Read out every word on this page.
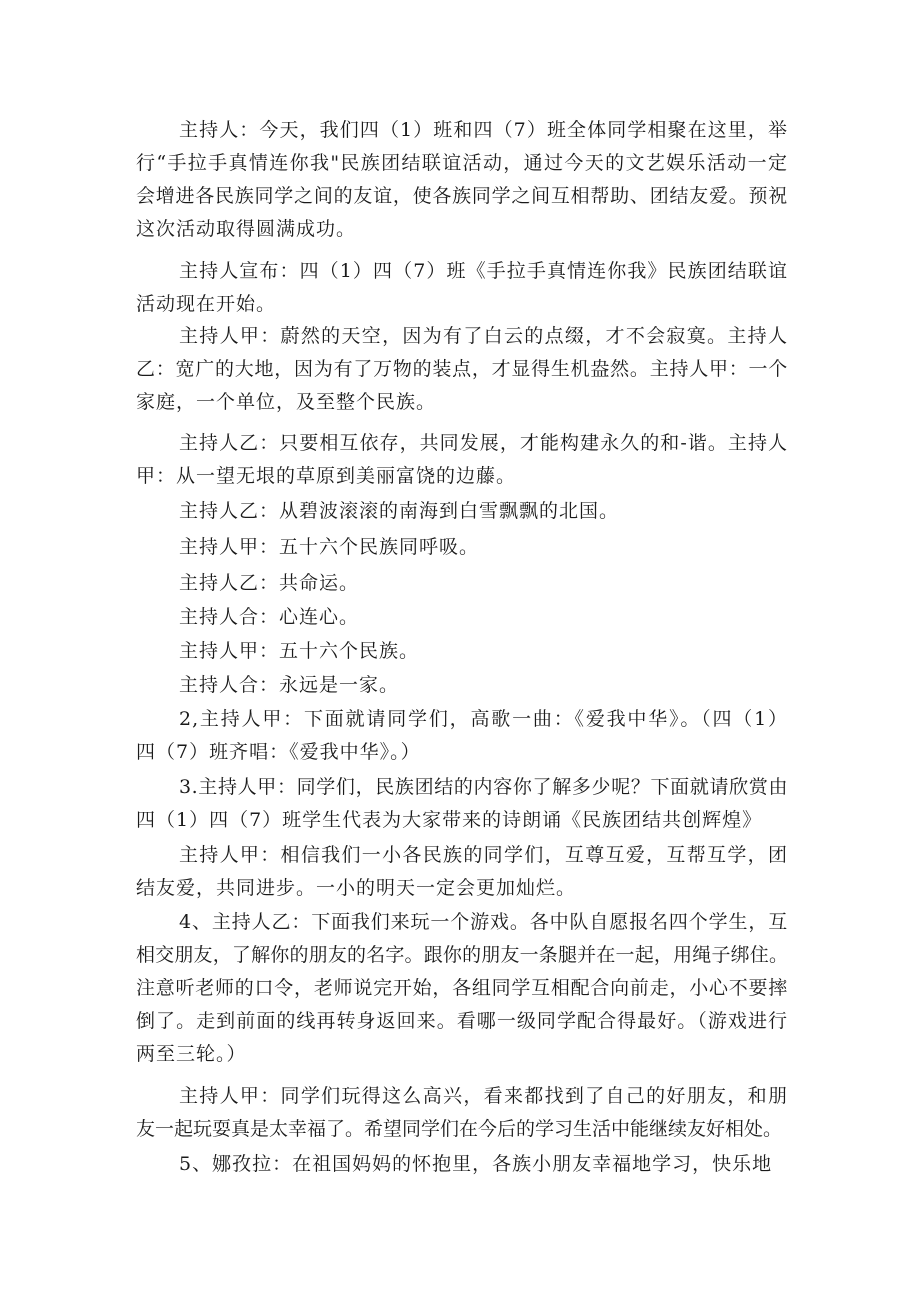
主持人：今天，我们四（1）班和四（7）班全体同学相聚在这里，举
行“手拉手真情连你我"民族团结联谊活动，通过今天的文艺娱乐活动一定
会增进各民族同学之间的友谊，使各族同学之间互相帮助、团结友爱。预祝
这次活动取得圆满成功。
主持人宣布：四（1）四（7）班《手拉手真情连你我》民族团结联谊
活动现在开始。
主持人甲：蔚然的天空，因为有了白云的点缀，才不会寂寞。主持人
乙：宽广的大地，因为有了万物的装点，才显得生机盎然。主持人甲：一个
家庭，一个单位，及至整个民族。
主持人乙：只要相互依存，共同发展，才能构建永久的和-谐。主持人
甲：从一望无垠的草原到美丽富饶的边藤。
主持人乙：从碧波滚滚的南海到白雪飘飘的北国。
主持人甲：五十六个民族同呼吸。
主持人乙：共命运。
主持人合：心连心。
主持人甲：五十六个民族。
主持人合：永远是一家。
2,主持人甲：下面就请同学们，高歌一曲：《爱我中华》。（四（1）
四（7）班齐唱：《爱我中华》。）
3.主持人甲：同学们，民族团结的内容你了解多少呢？下面就请欣赏由
四（1）四（7）班学生代表为大家带来的诗朗诵《民族团结共创辉煌》
主持人甲：相信我们一小各民族的同学们，互尊互爱，互帮互学，团
结友爱，共同进步。一小的明天一定会更加灿烂。
4、主持人乙：下面我们来玩一个游戏。各中队自愿报名四个学生，互
相交朋友，了解你的朋友的名字。跟你的朋友一条腿并在一起，用绳子绑住。
注意听老师的口令，老师说完开始，各组同学互相配合向前走，小心不要摔
倒了。走到前面的线再转身返回来。看哪一级同学配合得最好。（游戏进行
两至三轮。）
主持人甲：同学们玩得这么高兴，看来都找到了自己的好朋友，和朋
友一起玩耍真是太幸福了。希望同学们在今后的学习生活中能继续友好相处。
5、娜孜拉：在祖国妈妈的怀抱里，各族小朋友幸福地学习，快乐地
